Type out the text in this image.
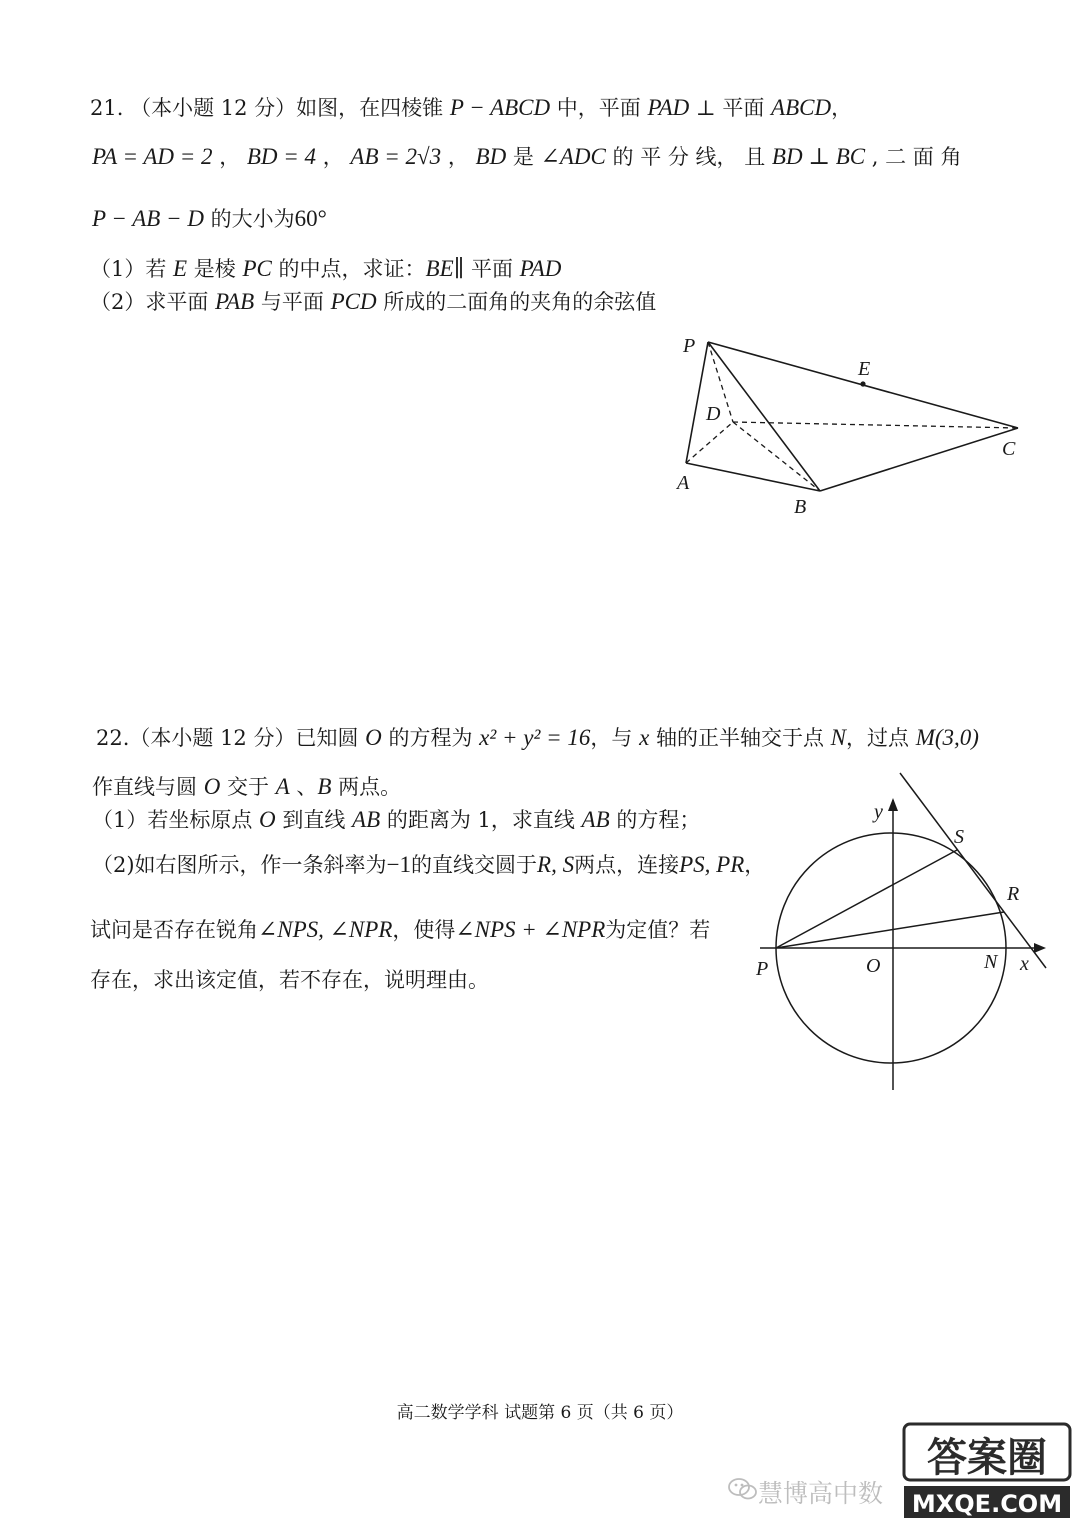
21. （本小题 12 分）如图，在四棱锥 P − ABCD 中，平面 PAD ⊥ 平面 ABCD，
PA = AD = 2 ， BD = 4 ， AB = 2√3 ， BD 是 ∠ADC 的 平 分 线， 且 BD ⊥ BC , 二 面 角
P − AB − D 的大小为60°
（1）若 E 是棱 PC 的中点，求证：BE∥ 平面 PAD
（2）求平面 PAB 与平面 PCD 所成的二面角的夹角的余弦值
P
E
D
C
A
B
22.（本小题 12 分）已知圆 O 的方程为 x² + y² = 16，与 x 轴的正半轴交于点 N，过点 M(3,0)
作直线与圆 O 交于 A 、B 两点。
（1）若坐标原点 O 到直线 AB 的距离为 1，求直线 AB 的方程；
（2)如右图所示，作一条斜率为−1的直线交圆于R, S两点，连接PS, PR，
试问是否存在锐角∠NPS, ∠NPR，使得∠NPS + ∠NPR为定值？若
存在，求出该定值，若不存在，说明理由。
y
S
R
P	O	N x
高二数学学科 试题第 6 页（共 6 页）
慧博高中数
答案圈
MXQE.COM
